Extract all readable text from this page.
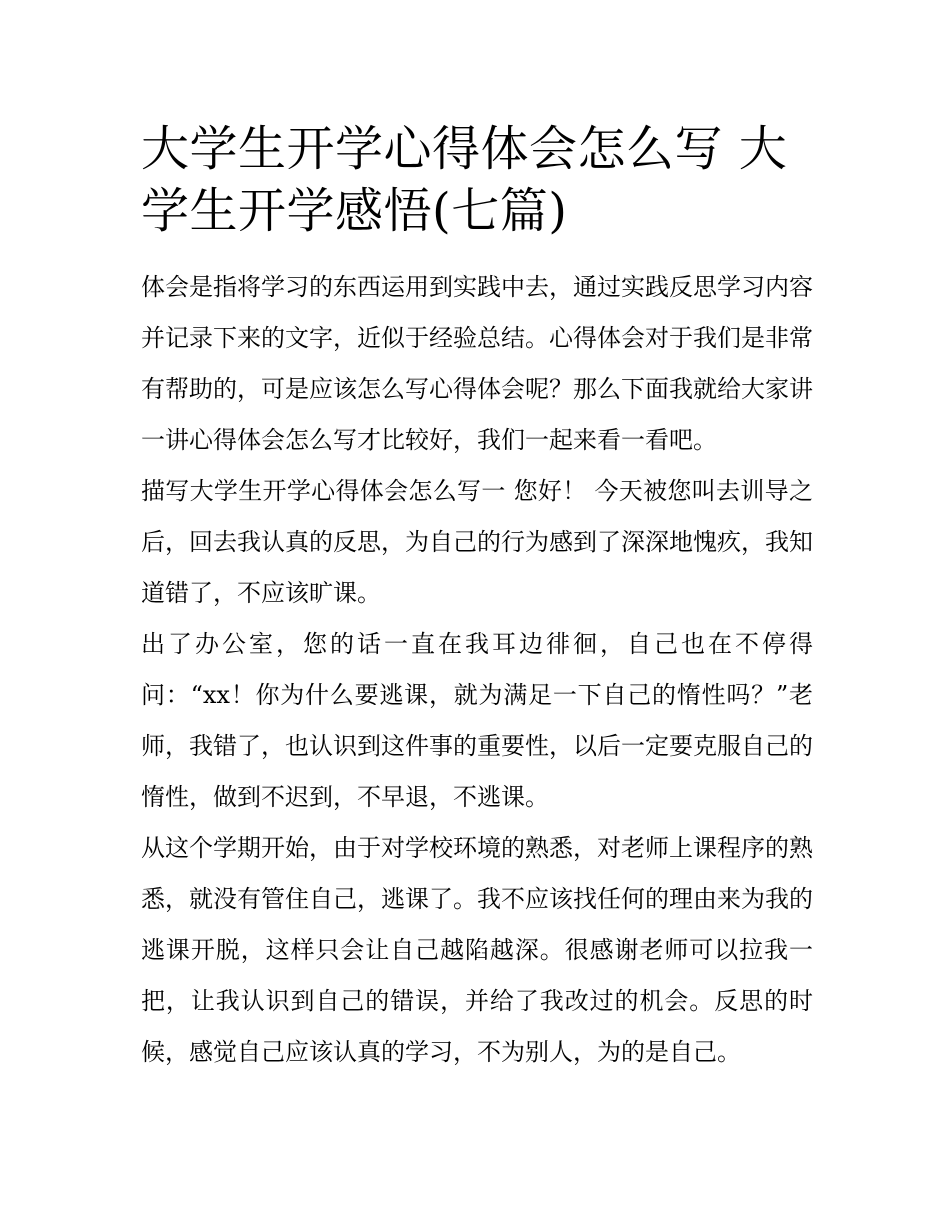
大学生开学心得体会怎么写 大学生开学感悟(七篇)

体会是指将学习的东西运用到实践中去，通过实践反思学习内容并记录下来的文字，近似于经验总结。心得体会对于我们是非常有帮助的，可是应该怎么写心得体会呢？那么下面我就给大家讲一讲心得体会怎么写才比较好，我们一起来看一看吧。

描写大学生开学心得体会怎么写一 您好！ 今天被您叫去训导之后，回去我认真的反思，为自己的行为感到了深深地愧疚，我知道错了，不应该旷课。

出了办公室，您的话一直在我耳边徘徊，自己也在不停得问：“xx！你为什么要逃课，就为满足一下自己的惰性吗？”老师，我错了，也认识到这件事的重要性，以后一定要克服自己的惰性，做到不迟到，不早退，不逃课。

从这个学期开始，由于对学校环境的熟悉，对老师上课程序的熟悉，就没有管住自己，逃课了。我不应该找任何的理由来为我的逃课开脱，这样只会让自己越陷越深。很感谢老师可以拉我一把，让我认识到自己的错误，并给了我改过的机会。反思的时候，感觉自己应该认真的学习，不为别人，为的是自己。
